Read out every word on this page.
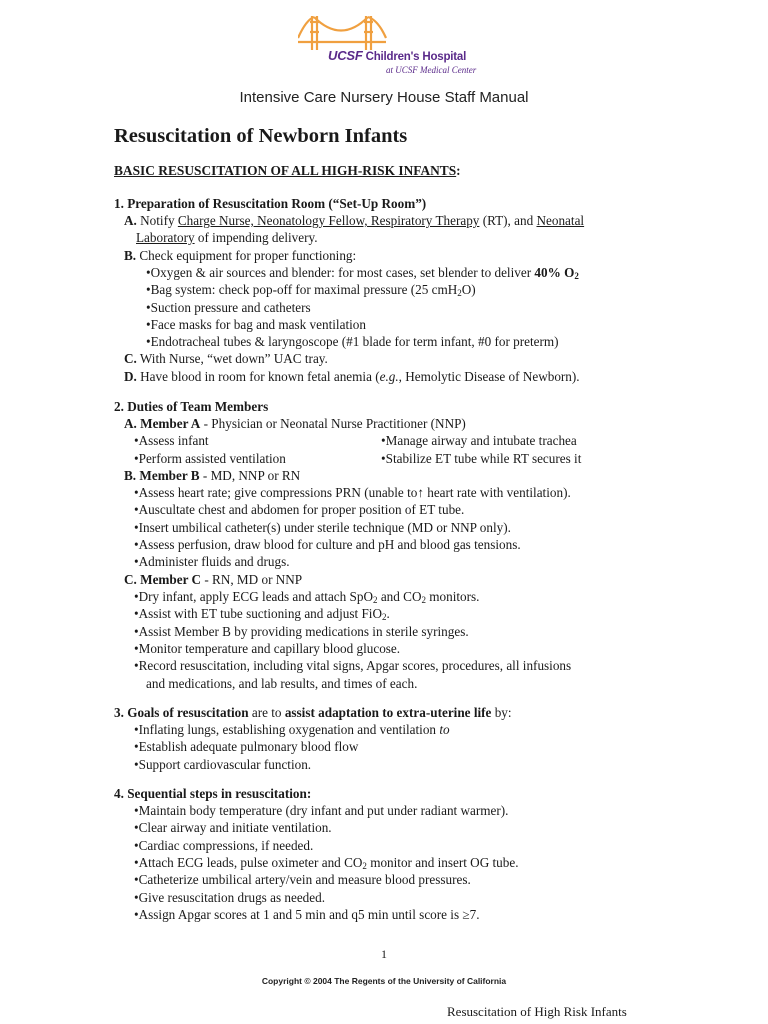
UCSF Children's Hospital
at UCSF Medical Center
Intensive Care Nursery House Staff Manual
Resuscitation of Newborn Infants
BASIC RESUSCITATION OF ALL HIGH-RISK INFANTS:
1. Preparation of Resuscitation Room (“Set-Up Room”)
A. Notify Charge Nurse, Neonatology Fellow, Respiratory Therapy (RT), and Neonatal
Laboratory of impending delivery.
B. Check equipment for proper functioning:
•Oxygen & air sources and blender: for most cases, set blender to deliver 40% $O_2$
•Bag system: check pop-off for maximal pressure (25 cmH$_2$O)
•Suction pressure and catheters
•Face masks for bag and mask ventilation
•Endotracheal tubes & laryngoscope (#1 blade for term infant, #0 for preterm)
C. With Nurse, “wet down” UAC tray.
D. Have blood in room for known fetal anemia (e.g., Hemolytic Disease of Newborn).
2. Duties of Team Members
A. Member A - Physician or Neonatal Nurse Practitioner (NNP)
•Assess infant	•Manage airway and intubate trachea
•Perform assisted ventilation	•Stabilize ET tube while RT secures it
B. Member B - MD, NNP or RN
•Assess heart rate; give compressions PRN (unable to↑ heart rate with ventilation).
•Auscultate chest and abdomen for proper position of ET tube.
•Insert umbilical catheter(s) under sterile technique (MD or NNP only).
•Assess perfusion, draw blood for culture and pH and blood gas tensions.
•Administer fluids and drugs.
C. Member C - RN, MD or NNP
•Dry infant, apply ECG leads and attach SpO$_2$ and $CO_2$ monitors.
•Assist with ET tube suctioning and adjust FiO$_2$.
•Assist Member B by providing medications in sterile syringes.
•Monitor temperature and capillary blood glucose.
•Record resuscitation, including vital signs, Apgar scores, procedures, all infusions
and medications, and lab results, and times of each.
3. Goals of resuscitation are to assist adaptation to extra-uterine life by:
•Inflating lungs, establishing oxygenation and ventilation to
•Establish adequate pulmonary blood flow
•Support cardiovascular function.
4. Sequential steps in resuscitation:
•Maintain body temperature (dry infant and put under radiant warmer).
•Clear airway and initiate ventilation.
•Cardiac compressions, if needed.
•Attach ECG leads, pulse oximeter and $CO_2$ monitor and insert OG tube.
•Catheterize umbilical artery/vein and measure blood pressures.
•Give resuscitation drugs as needed.
•Assign Apgar scores at 1 and 5 min and q5 min until score is ≥7.
1
Copyright © 2004 The Regents of the University of California
Resuscitation of High Risk Infants
